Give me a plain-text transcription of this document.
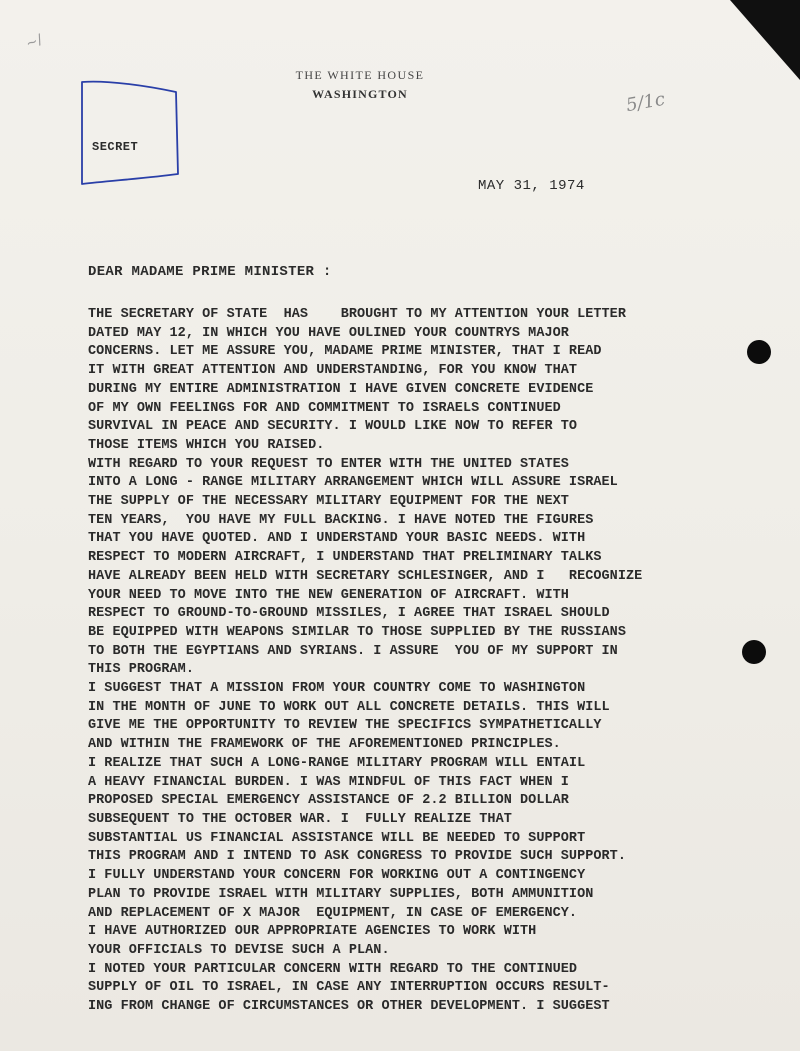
~/
SECRET
THE WHITE HOUSE
WASHINGTON	5/1c
MAY 31, 1974
DEAR MADAME PRIME MINISTER :
THE SECRETARY OF STATE  HAS    BROUGHT TO MY ATTENTION YOUR LETTER
DATED MAY 12, IN WHICH YOU HAVE OULINED YOUR COUNTRYS MAJOR
CONCERNS. LET ME ASSURE YOU, MADAME PRIME MINISTER, THAT I READ
IT WITH GREAT ATTENTION AND UNDERSTANDING, FOR YOU KNOW THAT
DURING MY ENTIRE ADMINISTRATION I HAVE GIVEN CONCRETE EVIDENCE
OF MY OWN FEELINGS FOR AND COMMITMENT TO ISRAELS CONTINUED
SURVIVAL IN PEACE AND SECURITY. I WOULD LIKE NOW TO REFER TO
THOSE ITEMS WHICH YOU RAISED.
WITH REGARD TO YOUR REQUEST TO ENTER WITH THE UNITED STATES
INTO A LONG - RANGE MILITARY ARRANGEMENT WHICH WILL ASSURE ISRAEL
THE SUPPLY OF THE NECESSARY MILITARY EQUIPMENT FOR THE NEXT
TEN YEARS,  YOU HAVE MY FULL BACKING. I HAVE NOTED THE FIGURES
THAT YOU HAVE QUOTED. AND I UNDERSTAND YOUR BASIC NEEDS. WITH
RESPECT TO MODERN AIRCRAFT, I UNDERSTAND THAT PRELIMINARY TALKS
HAVE ALREADY BEEN HELD WITH SECRETARY SCHLESINGER, AND I   RECOGNIZE
YOUR NEED TO MOVE INTO THE NEW GENERATION OF AIRCRAFT. WITH
RESPECT TO GROUND-TO-GROUND MISSILES, I AGREE THAT ISRAEL SHOULD
BE EQUIPPED WITH WEAPONS SIMILAR TO THOSE SUPPLIED BY THE RUSSIANS
TO BOTH THE EGYPTIANS AND SYRIANS. I ASSURE  YOU OF MY SUPPORT IN
THIS PROGRAM.
I SUGGEST THAT A MISSION FROM YOUR COUNTRY COME TO WASHINGTON
IN THE MONTH OF JUNE TO WORK OUT ALL CONCRETE DETAILS. THIS WILL
GIVE ME THE OPPORTUNITY TO REVIEW THE SPECIFICS SYMPATHETICALLY
AND WITHIN THE FRAMEWORK OF THE AFOREMENTIONED PRINCIPLES.
I REALIZE THAT SUCH A LONG-RANGE MILITARY PROGRAM WILL ENTAIL
A HEAVY FINANCIAL BURDEN. I WAS MINDFUL OF THIS FACT WHEN I
PROPOSED SPECIAL EMERGENCY ASSISTANCE OF 2.2 BILLION DOLLAR
SUBSEQUENT TO THE OCTOBER WAR. I  FULLY REALIZE THAT
SUBSTANTIAL US FINANCIAL ASSISTANCE WILL BE NEEDED TO SUPPORT
THIS PROGRAM AND I INTEND TO ASK CONGRESS TO PROVIDE SUCH SUPPORT.
I FULLY UNDERSTAND YOUR CONCERN FOR WORKING OUT A CONTINGENCY
PLAN TO PROVIDE ISRAEL WITH MILITARY SUPPLIES, BOTH AMMUNITION
AND REPLACEMENT OF X MAJOR  EQUIPMENT, IN CASE OF EMERGENCY.
I HAVE AUTHORIZED OUR APPROPRIATE AGENCIES TO WORK WITH
YOUR OFFICIALS TO DEVISE SUCH A PLAN.
I NOTED YOUR PARTICULAR CONCERN WITH REGARD TO THE CONTINUED
SUPPLY OF OIL TO ISRAEL, IN CASE ANY INTERRUPTION OCCURS RESULT-
ING FROM CHANGE OF CIRCUMSTANCES OR OTHER DEVELOPMENT. I SUGGEST
